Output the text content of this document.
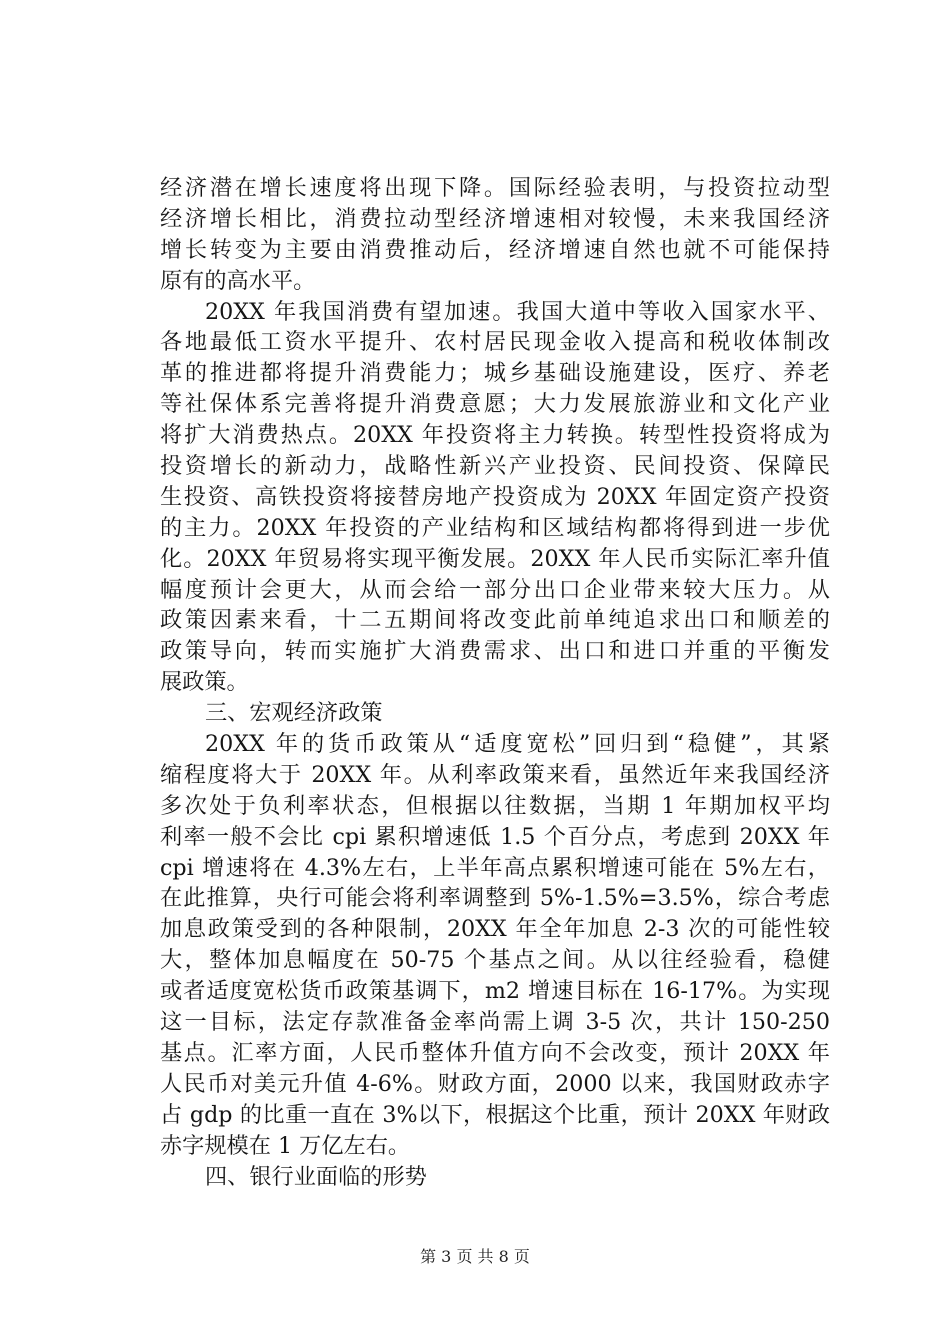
经济潜在增长速度将出现下降。国际经验表明，与投资拉动型
经济增长相比，消费拉动型经济增速相对较慢，未来我国经济
增长转变为主要由消费推动后，经济增速自然也就不可能保持
原有的高水平。
20XX 年我国消费有望加速。我国大道中等收入国家水平、
各地最低工资水平提升、农村居民现金收入提高和税收体制改
革的推进都将提升消费能力；城乡基础设施建设，医疗、养老
等社保体系完善将提升消费意愿；大力发展旅游业和文化产业
将扩大消费热点。20XX 年投资将主力转换。转型性投资将成为
投资增长的新动力，战略性新兴产业投资、民间投资、保障民
生投资、高铁投资将接替房地产投资成为 20XX 年固定资产投资
的主力。20XX 年投资的产业结构和区域结构都将得到进一步优
化。20XX 年贸易将实现平衡发展。20XX 年人民币实际汇率升值
幅度预计会更大，从而会给一部分出口企业带来较大压力。从
政策因素来看，十二五期间将改变此前单纯追求出口和顺差的
政策导向，转而实施扩大消费需求、出口和进口并重的平衡发
展政策。
三、宏观经济政策
20XX 年的货币政策从“适度宽松”回归到“稳健”，其紧
缩程度将大于 20XX 年。从利率政策来看，虽然近年来我国经济
多次处于负利率状态，但根据以往数据，当期 1 年期加权平均
利率一般不会比 cpi 累积增速低 1.5 个百分点，考虑到 20XX 年
cpi 增速将在 4.3%左右，上半年高点累积增速可能在 5%左右，
在此推算，央行可能会将利率调整到 5%-1.5%=3.5%，综合考虑
加息政策受到的各种限制，20XX 年全年加息 2-3 次的可能性较
大，整体加息幅度在 50-75 个基点之间。从以往经验看，稳健
或者适度宽松货币政策基调下，m2 增速目标在 16-17%。为实现
这一目标，法定存款准备金率尚需上调 3-5 次，共计 150-250
基点。汇率方面，人民币整体升值方向不会改变，预计 20XX 年
人民币对美元升值 4-6%。财政方面，2000 以来，我国财政赤字
占 gdp 的比重一直在 3%以下，根据这个比重，预计 20XX 年财政
赤字规模在 1 万亿左右。
四、银行业面临的形势
第 3 页 共 8 页
